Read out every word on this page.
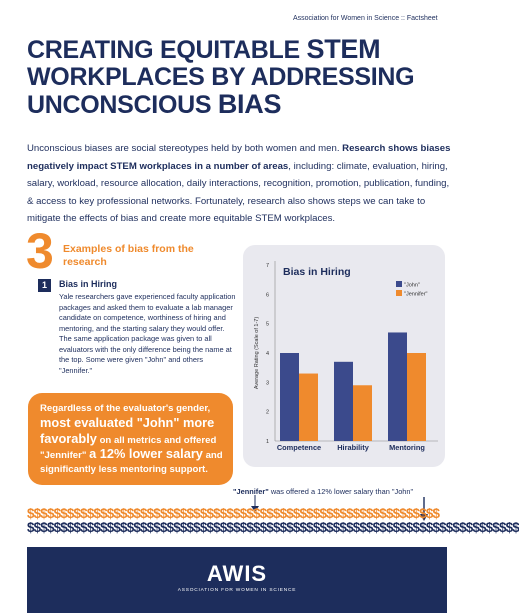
Association for Women in Science :: Factsheet
CREATING EQUITABLE STEM
WORKPLACES BY ADDRESSING
UNCONSCIOUS BIAS

Unconscious biases are social stereotypes held by both women and men. Research shows biases negatively impact STEM workplaces in a number of areas, including: climate, evaluation, hiring, salary, workload, resource allocation, daily interactions, recognition, promotion, publication, funding, & access to key professional networks. Fortunately, research also shows steps we can take to mitigate the effects of bias and create more equitable STEM workplaces.

3 Examples of bias from the research
1	Bias in Hiring
Yale researchers gave experienced faculty application packages and asked them to evaluate a lab manager candidate on competence, worthiness of hiring and mentoring, and the starting salary they would offer. The same application package was given to all evaluators with the only difference being the name at the top. Some were given "John" and others "Jennifer."
Regardless of the evaluator's gender, most evaluated "John" more favorably on all metrics and offered "Jennifer" a 12% lower salary and significantly less mentoring support.
Bias in Hiring
1
2
3
4
5
6
7
Average Rating (Scale of 1-7)
Competence Hirability	Mentoring
"John"
"Jennifer"
"Jennifer" was offered a 12% lower salary than "John"
$$$$$$$$$$$$$$$$$$$$$$$$$$$$$$$$$$$$$$$$$$$$$$$$$$$$$$$$$$$$$$
$$$$$$$$$$$$$$$$$$$$$$$$$$$$$$$$$$$$$$$$$$$$$$$$$$$$$$$$$$$$$$$$$$$$$$$$$$
AWIS
ASSOCIATION FOR WOMEN IN SCIENCE
